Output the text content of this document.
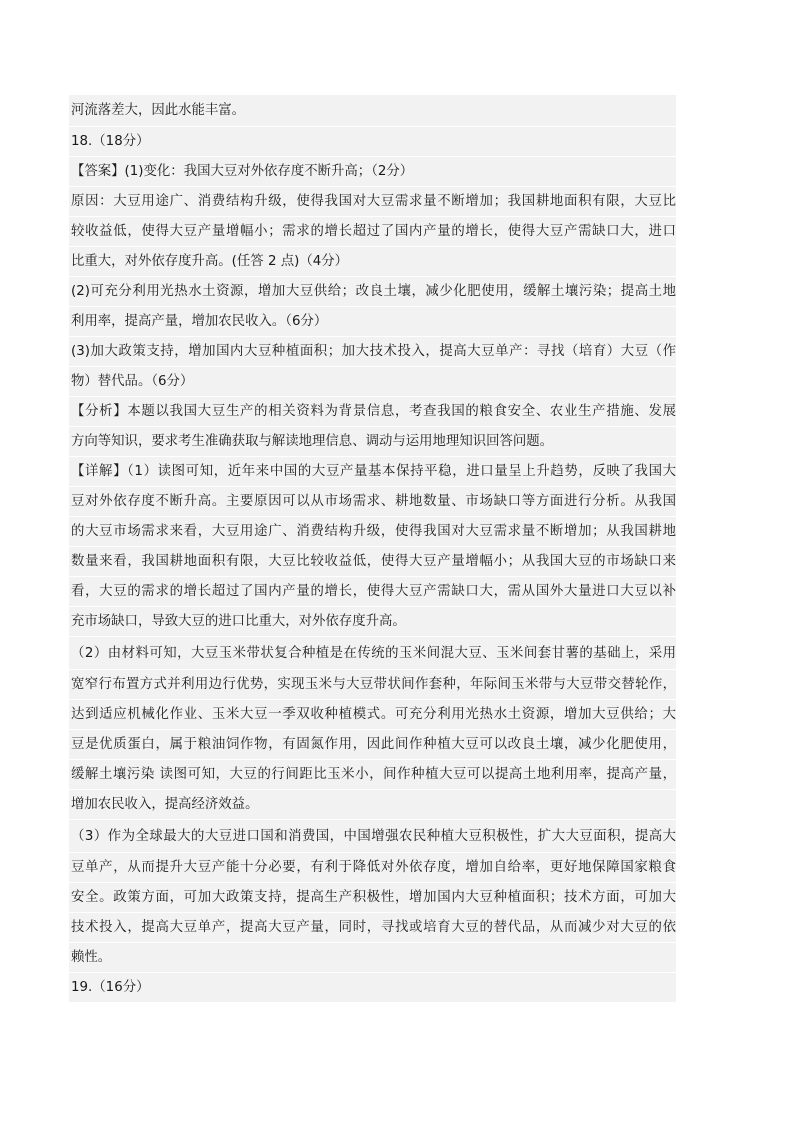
河流落差大，因此水能丰富。
18.（18分）
【答案】(1)变化：我国大豆对外依存度不断升高；（2分）
原因：大豆用途广、消费结构升级，使得我国对大豆需求量不断增加；我国耕地面积有限，大豆比
较收益低，使得大豆产量增幅小；需求的增长超过了国内产量的增长，使得大豆产需缺口大，进口
比重大，对外依存度升高。(任答 2 点)（4分）
(2)可充分利用光热水土资源，增加大豆供给；改良土壤，减少化肥使用，缓解土壤污染；提高土地
利用率，提高产量，增加农民收入。（6分）
(3)加大政策支持，增加国内大豆种植面积；加大技术投入，提高大豆单产：寻找（培育）大豆（作
物）替代品。（6分）
【分析】本题以我国大豆生产的相关资料为背景信息，考查我国的粮食安全、农业生产措施、发展
方向等知识，要求考生准确获取与解读地理信息、调动与运用地理知识回答问题。
【详解】（1）读图可知，近年来中国的大豆产量基本保持平稳，进口量呈上升趋势，反映了我国大
豆对外依存度不断升高。主要原因可以从市场需求、耕地数量、市场缺口等方面进行分析。从我国
的大豆市场需求来看，大豆用途广、消费结构升级，使得我国对大豆需求量不断增加；从我国耕地
数量来看，我国耕地面积有限，大豆比较收益低，使得大豆产量增幅小；从我国大豆的市场缺口来
看，大豆的需求的增长超过了国内产量的增长，使得大豆产需缺口大，需从国外大量进口大豆以补
充市场缺口，导致大豆的进口比重大，对外依存度升高。
（2）由材料可知，大豆玉米带状复合种植是在传统的玉米间混大豆、玉米间套甘薯的基础上，采用
宽窄行布置方式并利用边行优势，实现玉米与大豆带状间作套种，年际间玉米带与大豆带交替轮作，
达到适应机械化作业、玉米大豆一季双收种植模式。可充分利用光热水土资源，增加大豆供给；大
豆是优质蛋白，属于粮油饲作物，有固氮作用，因此间作种植大豆可以改良土壤，减少化肥使用，
缓解土壤污染 读图可知，大豆的行间距比玉米小，间作种植大豆可以提高土地利用率，提高产量，
增加农民收入，提高经济效益。
（3）作为全球最大的大豆进口国和消费国，中国增强农民种植大豆积极性，扩大大豆面积，提高大
豆单产，从而提升大豆产能十分必要，有利于降低对外依存度，增加自给率，更好地保障国家粮食
安全。政策方面，可加大政策支持，提高生产积极性，增加国内大豆种植面积；技术方面，可加大
技术投入，提高大豆单产，提高大豆产量，同时，寻找或培育大豆的替代品，从而减少对大豆的依
赖性。
19.（16分）
